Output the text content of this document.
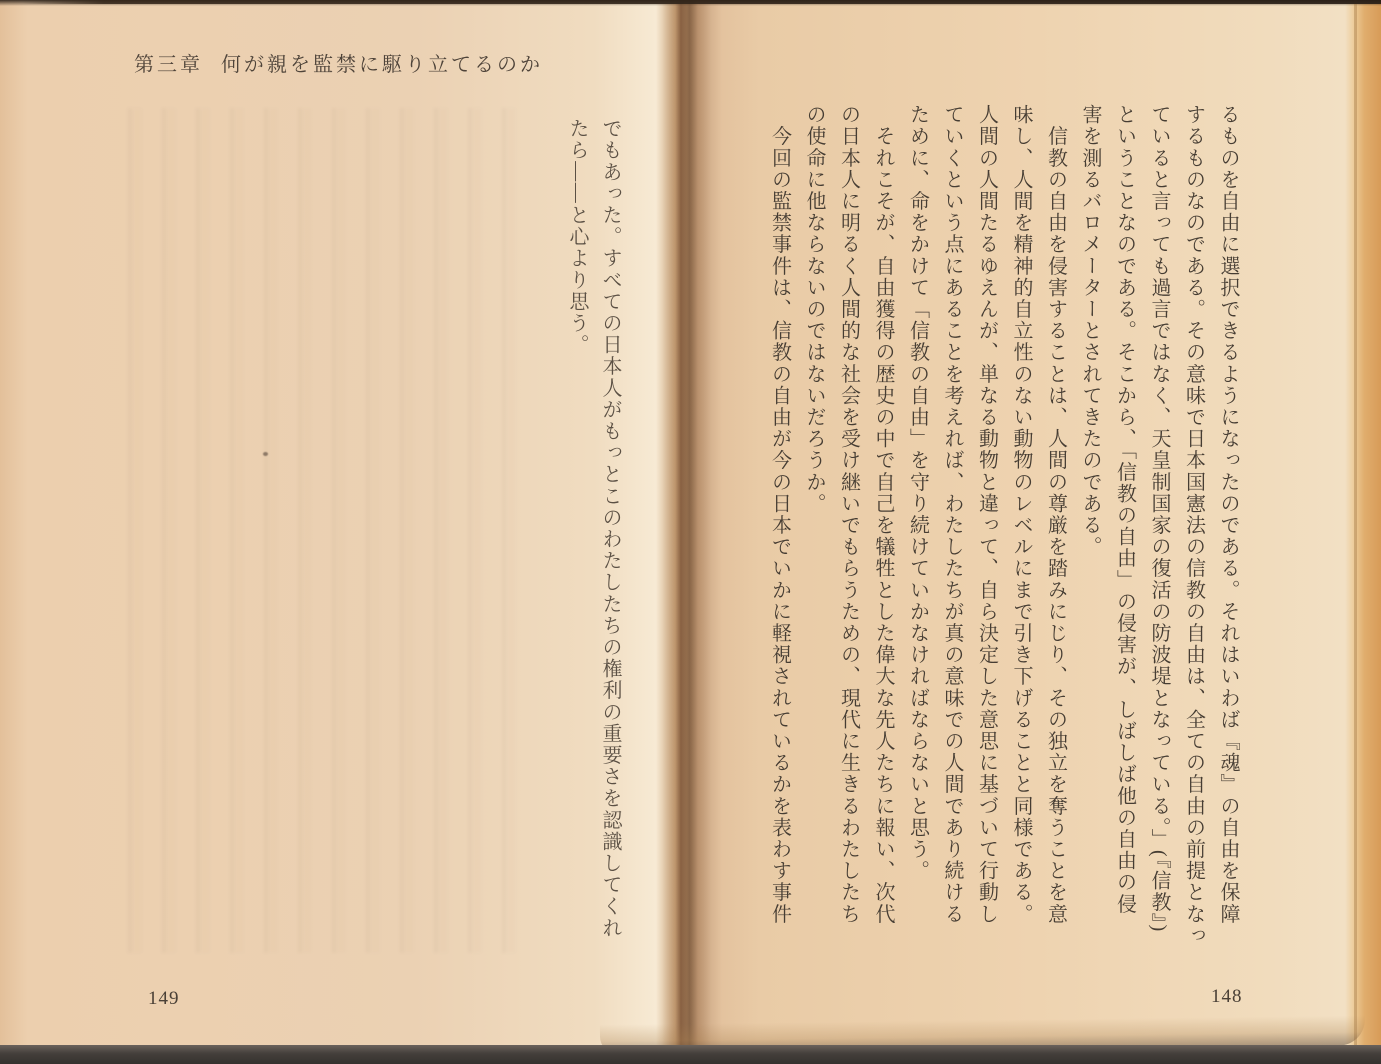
第三章 何が親を監禁に駆り立てるのか
でもあった。すべての日本人がもっとこのわたしたちの権利の重要さを認識してくれ
たら――と心より思う。	るものを自由に選択できるようになったのである。それはいわば『魂』の自由を保障
するものなのである。その意味で日本国憲法の信教の自由は、全ての自由の前提となっ
ていると言っても過言ではなく、天皇制国家の復活の防波堤となっている。」(『信教』)
ということなのである。そこから、「信教の自由」の侵害が、しばしば他の自由の侵
害を測るバロメーターとされてきたのである。
　信教の自由を侵害することは、人間の尊厳を踏みにじり、その独立を奪うことを意
味し、人間を精神的自立性のない動物のレベルにまで引き下げることと同様である。
人間の人間たるゆえんが、単なる動物と違って、自ら決定した意思に基づいて行動し
ていくという点にあることを考えれば、わたしたちが真の意味での人間であり続ける
ために、命をかけて「信教の自由」を守り続けていかなければならないと思う。
　それこそが、自由獲得の歴史の中で自己を犠牲とした偉大な先人たちに報い、次代
の日本人に明るく人間的な社会を受け継いでもらうための、現代に生きるわたしたち
の使命に他ならないのではないだろうか。
　今回の監禁事件は、信教の自由が今の日本でいかに軽視されているかを表わす事件
149	148
